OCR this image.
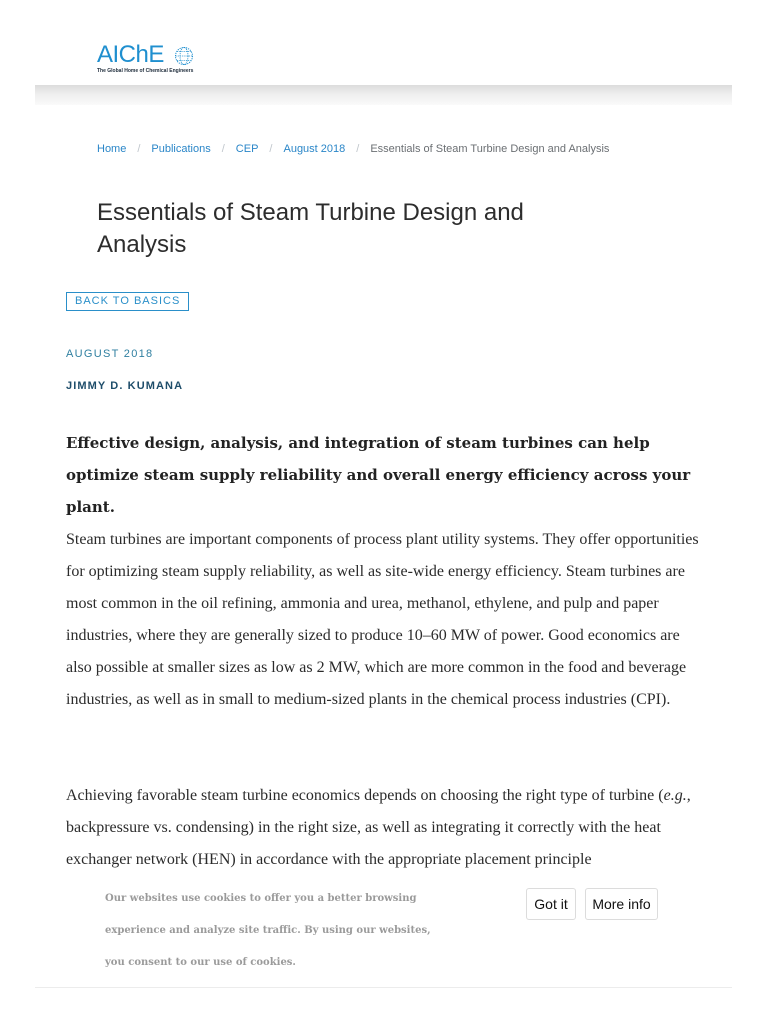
AIChE
The Global Home of Chemical Engineers
Home / Publications / CEP / August 2018 / Essentials of Steam Turbine Design and Analysis
Essentials of Steam Turbine Design and Analysis
BACK TO BASICS
AUGUST 2018
JIMMY D. KUMANA

Effective design, analysis, and integration of steam turbines can help optimize steam supply reliability and overall energy efficiency across your plant.

Steam turbines are important components of process plant utility systems. They offer opportunities for optimizing steam supply reliability, as well as site-wide energy efficiency. Steam turbines are most common in the oil refining, ammonia and urea, methanol, ethylene, and pulp and paper industries, where they are generally sized to produce 10–60 MW of power. Good economics are also possible at smaller sizes as low as 2 MW, which are more common in the food and beverage industries, as well as in small to medium-sized plants in the chemical process industries (CPI).

Achieving favorable steam turbine economics depends on choosing the right type of turbine (e.g., backpressure vs. condensing) in the right size, as well as integrating it correctly with the heat exchanger network (HEN) in accordance with the appropriate placement principle

Our websites use cookies to offer you a better browsing experience and analyze site traffic. By using our websites, you consent to our use of cookies.

Got it	More info
